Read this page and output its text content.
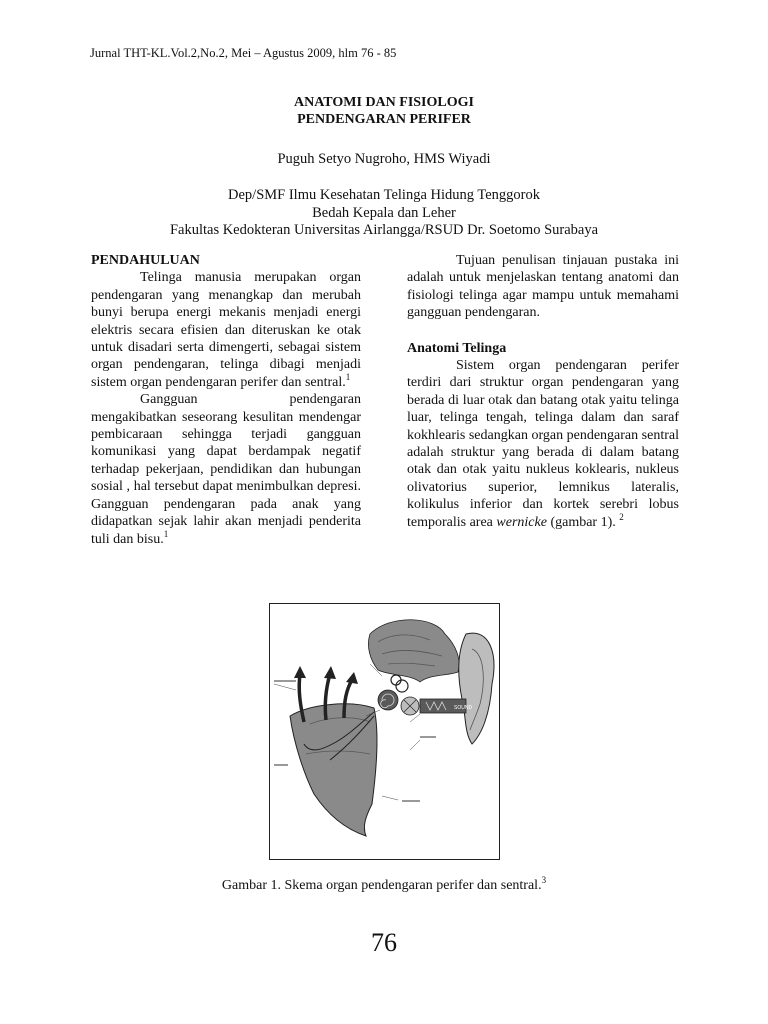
Jurnal THT-KL.Vol.2,No.2, Mei – Agustus 2009, hlm 76 - 85
ANATOMI DAN FISIOLOGI
PENDENGARAN PERIFER
Puguh Setyo Nugroho, HMS Wiyadi
Dep/SMF Ilmu Kesehatan Telinga Hidung Tenggorok
Bedah Kepala dan Leher
Fakultas Kedokteran Universitas Airlangga/RSUD Dr. Soetomo Surabaya

PENDAHULUAN

Telinga manusia merupakan organ pendengaran yang menangkap dan merubah bunyi berupa energi mekanis menjadi energi elektris secara efisien dan diteruskan ke otak untuk disadari serta dimengerti, sebagai sistem organ pendengaran, telinga dibagi menjadi sistem organ pendengaran perifer dan sentral.$^1$

Gangguan pendengaran mengakibatkan seseorang kesulitan mendengar pembicaraan sehingga terjadi gangguan komunikasi yang dapat berdampak negatif terhadap pekerjaan, pendidikan dan hubungan sosial , hal tersebut dapat menimbulkan depresi. Gangguan pendengaran pada anak yang didapatkan sejak lahir akan menjadi penderita tuli dan bisu.$^1$

Tujuan penulisan tinjauan pustaka ini adalah untuk menjelaskan tentang anatomi dan fisiologi telinga agar mampu untuk memahami gangguan pendengaran.

Anatomi Telinga

Sistem organ pendengaran perifer terdiri dari struktur organ pendengaran yang berada di luar otak dan batang otak yaitu telinga luar, telinga tengah, telinga dalam dan saraf kokhlearis sedangkan organ pendengaran sentral adalah struktur yang berada di dalam batang otak dan otak yaitu nukleus koklearis, nukleus olivatorius superior, lemnikus lateralis, kolikulus inferior dan kortek serebri lobus temporalis area wernicke (gambar 1). $^2$

SOUND
Gambar 1. Skema organ pendengaran perifer dan sentral.$^3$
76
